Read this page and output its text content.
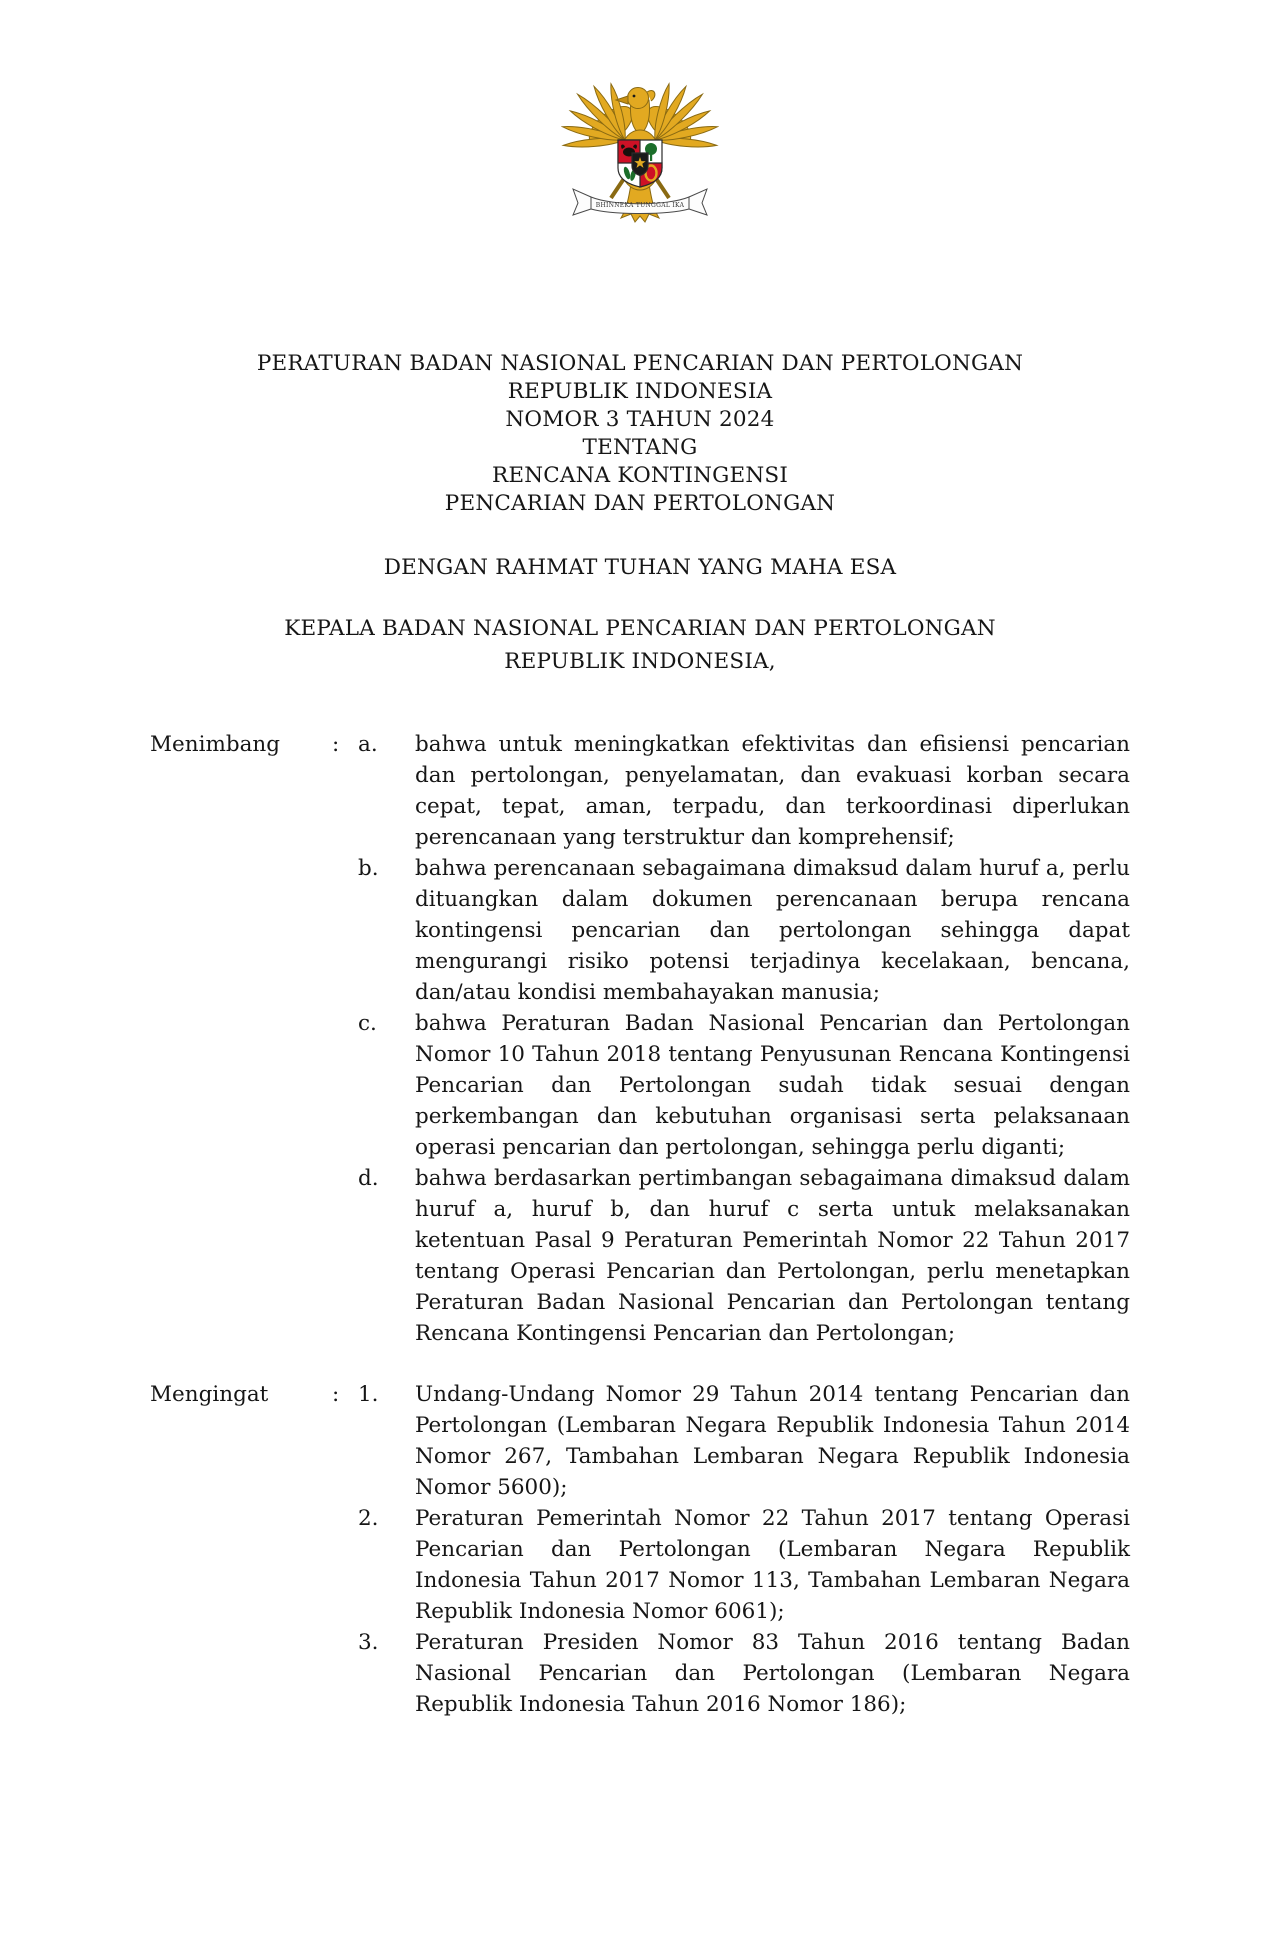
BHINNEKA TUNGGAL IKA
PERATURAN BADAN NASIONAL PENCARIAN DAN PERTOLONGAN
REPUBLIK INDONESIA
NOMOR 3 TAHUN 2024
TENTANG
RENCANA KONTINGENSI
PENCARIAN DAN PERTOLONGAN
DENGAN RAHMAT TUHAN YANG MAHA ESA
KEPALA BADAN NASIONAL PENCARIAN DAN PERTOLONGAN
REPUBLIK INDONESIA,
Menimbang	: a. bahwa untuk meningkatkan efektivitas dan efisiensi pencarian dan pertolongan, penyelamatan, dan evakuasi korban secara cepat, tepat, aman, terpadu, dan terkoordinasi diperlukan perencanaan yang terstruktur dan komprehensif;
b. bahwa perencanaan sebagaimana dimaksud dalam huruf a, perlu dituangkan dalam dokumen perencanaan berupa rencana kontingensi pencarian dan pertolongan sehingga dapat mengurangi risiko potensi terjadinya kecelakaan, bencana, dan/atau kondisi membahayakan manusia;
c. bahwa Peraturan Badan Nasional Pencarian dan Pertolongan Nomor 10 Tahun 2018 tentang Penyusunan Rencana Kontingensi Pencarian dan Pertolongan sudah tidak sesuai dengan perkembangan dan kebutuhan organisasi serta pelaksanaan operasi pencarian dan pertolongan, sehingga perlu diganti;
d. bahwa berdasarkan pertimbangan sebagaimana dimaksud dalam huruf a, huruf b, dan huruf c serta untuk melaksanakan ketentuan Pasal 9 Peraturan Pemerintah Nomor 22 Tahun 2017 tentang Operasi Pencarian dan Pertolongan, perlu menetapkan Peraturan Badan Nasional Pencarian dan Pertolongan tentang Rencana Kontingensi Pencarian dan Pertolongan;
Mengingat	: 1. Undang-Undang Nomor 29 Tahun 2014 tentang Pencarian dan Pertolongan (Lembaran Negara Republik Indonesia Tahun 2014 Nomor 267, Tambahan Lembaran Negara Republik Indonesia Nomor 5600);
2. Peraturan Pemerintah Nomor 22 Tahun 2017 tentang Operasi Pencarian dan Pertolongan (Lembaran Negara Republik Indonesia Tahun 2017 Nomor 113, Tambahan Lembaran Negara Republik Indonesia Nomor 6061);
3. Peraturan Presiden Nomor 83 Tahun 2016 tentang Badan Nasional Pencarian dan Pertolongan (Lembaran Negara Republik Indonesia Tahun 2016 Nomor 186);
